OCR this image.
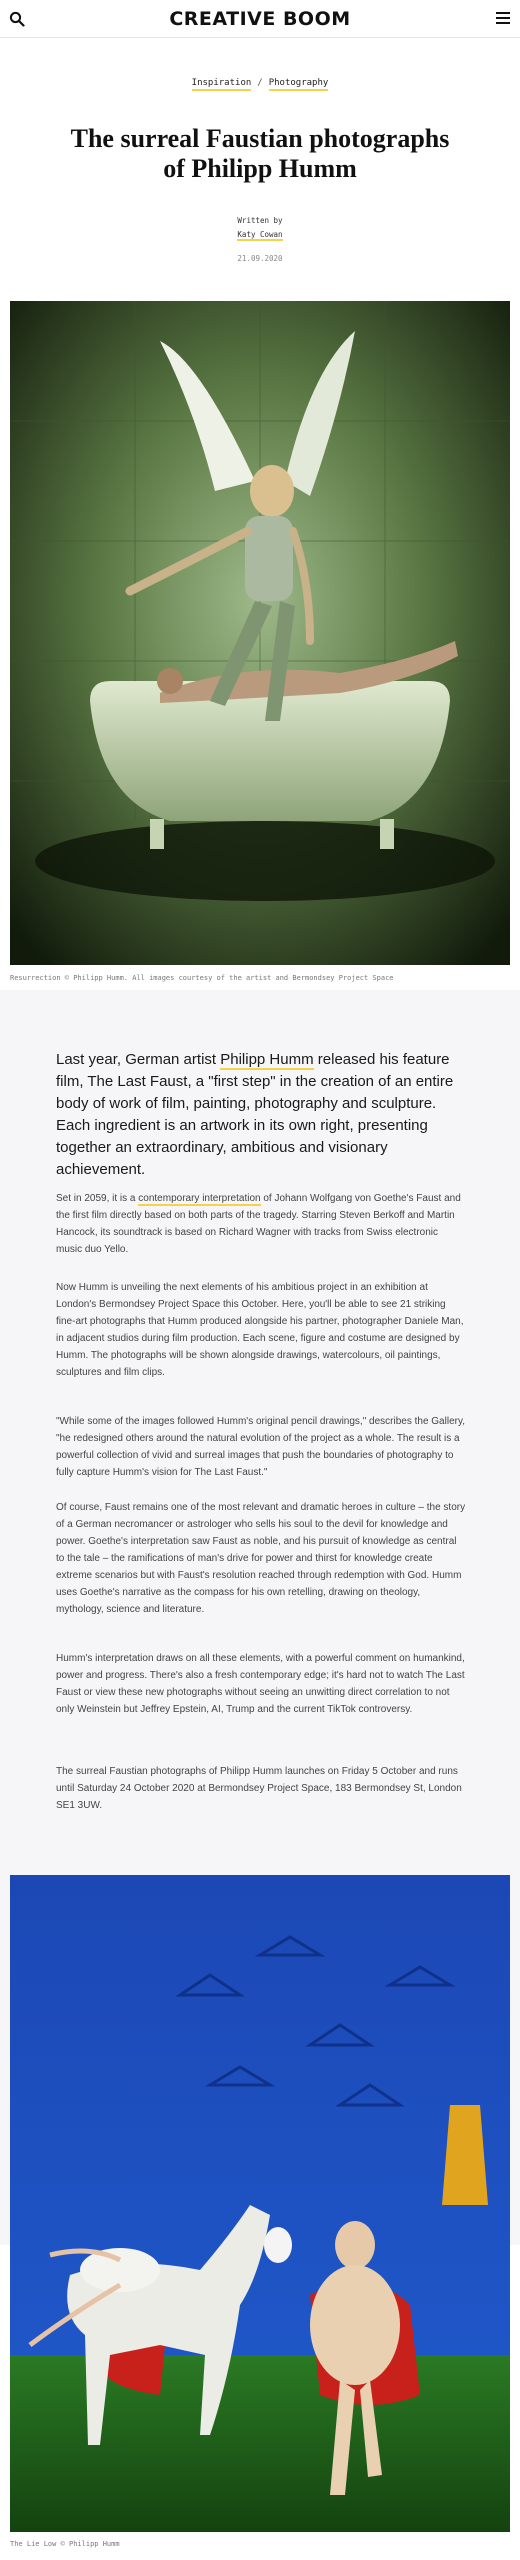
CREATIVE BOOM
Inspiration / Photography
The surreal Faustian photographs of Philipp Humm
Written by
Katy Cowan
21.09.2020
Resurrection © Philipp Humm. All images courtesy of the artist and Bermondsey Project Space

Last year, German artist Philipp Humm released his feature film, The Last Faust, a "first step" in the creation of an entire body of work of film, painting, photography and sculpture. Each ingredient is an artwork in its own right, presenting together an extraordinary, ambitious and visionary achievement.

Set in 2059, it is a contemporary interpretation of Johann Wolfgang von Goethe's Faust and the first film directly based on both parts of the tragedy. Starring Steven Berkoff and Martin Hancock, its soundtrack is based on Richard Wagner with tracks from Swiss electronic music duo Yello.

Now Humm is unveiling the next elements of his ambitious project in an exhibition at London's Bermondsey Project Space this October. Here, you'll be able to see 21 striking fine-art photographs that Humm produced alongside his partner, photographer Daniele Man, in adjacent studios during film production. Each scene, figure and costume are designed by Humm. The photographs will be shown alongside drawings, watercolours, oil paintings, sculptures and film clips.

"While some of the images followed Humm's original pencil drawings," describes the Gallery, "he redesigned others around the natural evolution of the project as a whole. The result is a powerful collection of vivid and surreal images that push the boundaries of photography to fully capture Humm's vision for The Last Faust."

Of course, Faust remains one of the most relevant and dramatic heroes in culture – the story of a German necromancer or astrologer who sells his soul to the devil for knowledge and power. Goethe's interpretation saw Faust as noble, and his pursuit of knowledge as central to the tale – the ramifications of man's drive for power and thirst for knowledge create extreme scenarios but with Faust's resolution reached through redemption with God. Humm uses Goethe's narrative as the compass for his own retelling, drawing on theology, mythology, science and literature.

Humm's interpretation draws on all these elements, with a powerful comment on humankind, power and progress. There's also a fresh contemporary edge; it's hard not to watch The Last Faust or view these new photographs without seeing an unwitting direct correlation to not only Weinstein but Jeffrey Epstein, AI, Trump and the current TikTok controversy.

The surreal Faustian photographs of Philipp Humm launches on Friday 5 October and runs until Saturday 24 October 2020 at Bermondsey Project Space, 183 Bermondsey St, London SE1 3UW.

The Lie Low © Philipp Humm
